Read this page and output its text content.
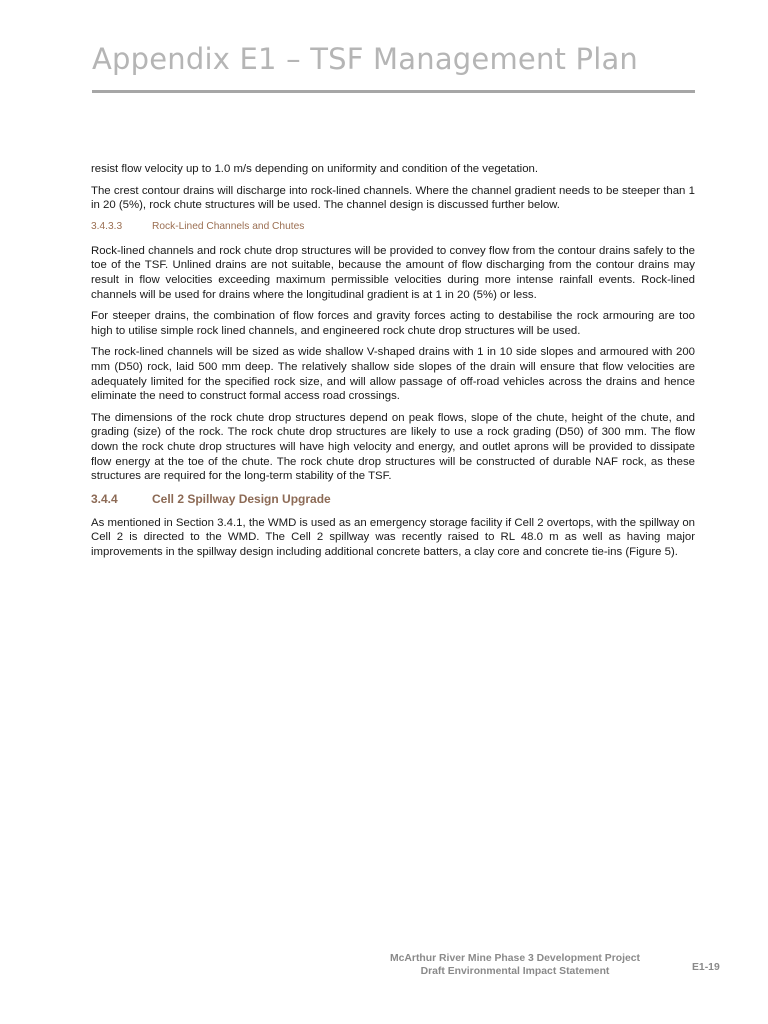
Appendix E1 – TSF Management Plan

resist flow velocity up to 1.0 m/s depending on uniformity and condition of the vegetation.

The crest contour drains will discharge into rock-lined channels. Where the channel gradient needs to be steeper than 1 in 20 (5%), rock chute structures will be used. The channel design is discussed further below.

3.4.3.3	Rock-Lined Channels and Chutes

Rock-lined channels and rock chute drop structures will be provided to convey flow from the contour drains safely to the toe of the TSF. Unlined drains are not suitable, because the amount of flow discharging from the contour drains may result in flow velocities exceeding maximum permissible velocities during more intense rainfall events. Rock-lined channels will be used for drains where the longitudinal gradient is at 1 in 20 (5%) or less.

For steeper drains, the combination of flow forces and gravity forces acting to destabilise the rock armouring are too high to utilise simple rock lined channels, and engineered rock chute drop structures will be used.

The rock-lined channels will be sized as wide shallow V-shaped drains with 1 in 10 side slopes and armoured with 200 mm (D50) rock, laid 500 mm deep. The relatively shallow side slopes of the drain will ensure that flow velocities are adequately limited for the specified rock size, and will allow passage of off-road vehicles across the drains and hence eliminate the need to construct formal access road crossings.

The dimensions of the rock chute drop structures depend on peak flows, slope of the chute, height of the chute, and grading (size) of the rock. The rock chute drop structures are likely to use a rock grading (D50) of 300 mm. The flow down the rock chute drop structures will have high velocity and energy, and outlet aprons will be provided to dissipate flow energy at the toe of the chute. The rock chute drop structures will be constructed of durable NAF rock, as these structures are required for the long-term stability of the TSF.

3.4.4	Cell 2 Spillway Design Upgrade

As mentioned in Section 3.4.1, the WMD is used as an emergency storage facility if Cell 2 overtops, with the spillway on Cell 2 is directed to the WMD. The Cell 2 spillway was recently raised to RL 48.0 m as well as having major improvements in the spillway design including additional concrete batters, a clay core and concrete tie-ins (Figure 5).

McArthur River Mine Phase 3 Development Project
Draft Environmental Impact Statement	E1-19
